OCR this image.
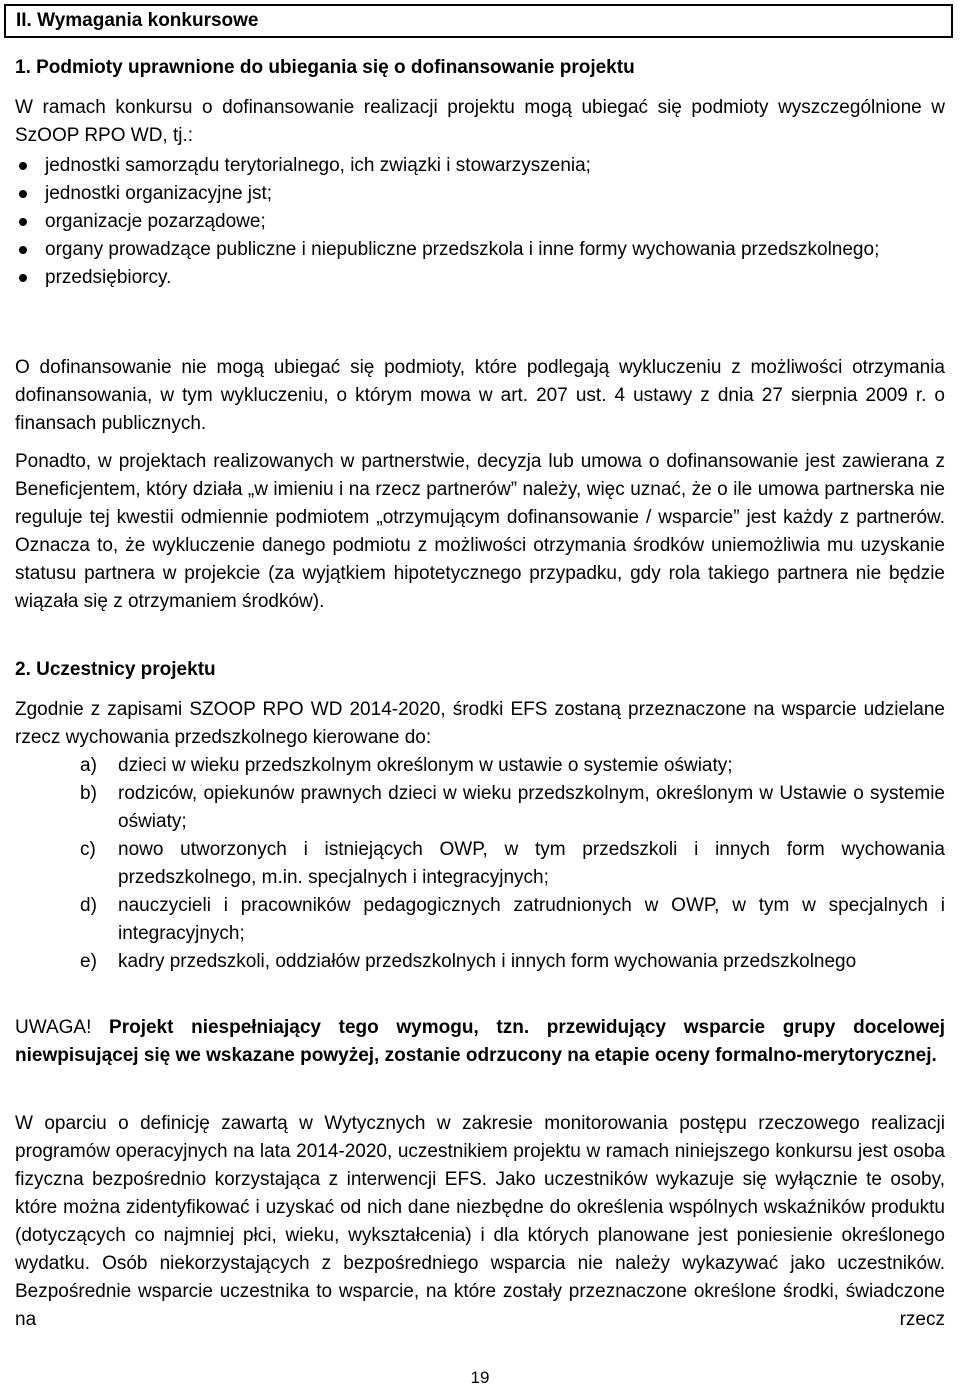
II. Wymagania konkursowe
1. Podmioty uprawnione do ubiegania się o dofinansowanie projektu
W ramach konkursu o dofinansowanie realizacji projektu mogą ubiegać się podmioty wyszczególnione w SzOOP RPO WD, tj.:
jednostki samorządu terytorialnego, ich związki i stowarzyszenia;
jednostki organizacyjne jst;
organizacje pozarządowe;
organy prowadzące publiczne i niepubliczne przedszkola i inne formy wychowania przedszkolnego;
przedsiębiorcy.
O dofinansowanie nie mogą ubiegać się podmioty, które podlegają wykluczeniu z możliwości otrzymania dofinansowania, w tym wykluczeniu, o którym mowa w art. 207 ust. 4 ustawy z dnia 27 sierpnia 2009 r. o finansach publicznych.
Ponadto, w projektach realizowanych w partnerstwie, decyzja lub umowa o dofinansowanie jest zawierana z Beneficjentem, który działa „w imieniu i na rzecz partnerów” należy, więc uznać, że o ile umowa partnerska nie reguluje tej kwestii odmiennie podmiotem „otrzymującym dofinansowanie / wsparcie” jest każdy z partnerów. Oznacza to, że wykluczenie danego podmiotu z możliwości otrzymania środków uniemożliwia mu uzyskanie statusu partnera w projekcie (za wyjątkiem hipotetycznego przypadku, gdy rola takiego partnera nie będzie wiązała się z otrzymaniem środków).
2. Uczestnicy projektu
Zgodnie z zapisami SZOOP RPO WD 2014-2020, środki EFS zostaną przeznaczone na wsparcie udzielane rzecz wychowania przedszkolnego kierowane do:
a) dzieci w wieku przedszkolnym określonym w ustawie o systemie oświaty;
b) rodziców, opiekunów prawnych dzieci w wieku przedszkolnym, określonym w Ustawie o systemie oświaty;
c) nowo utworzonych i istniejących OWP, w tym przedszkoli i innych form wychowania przedszkolnego, m.in. specjalnych i integracyjnych;
d) nauczycieli i pracowników pedagogicznych zatrudnionych w OWP, w tym w specjalnych i integracyjnych;
e) kadry przedszkoli, oddziałów przedszkolnych i innych form wychowania przedszkolnego
UWAGA! Projekt niespełniający tego wymogu, tzn. przewidujący wsparcie grupy docelowej niewpisującej się we wskazane powyżej, zostanie odrzucony na etapie oceny formalno-merytorycznej.
W oparciu o definicję zawartą w Wytycznych w zakresie monitorowania postępu rzeczowego realizacji programów operacyjnych na lata 2014-2020, uczestnikiem projektu w ramach niniejszego konkursu jest osoba fizyczna bezpośrednio korzystająca z interwencji EFS. Jako uczestników wykazuje się wyłącznie te osoby, które można zidentyfikować i uzyskać od nich dane niezbędne do określenia wspólnych wskaźników produktu (dotyczących co najmniej płci, wieku, wykształcenia) i dla których planowane jest poniesienie określonego wydatku. Osób niekorzystających z bezpośredniego wsparcia nie należy wykazywać jako uczestników. Bezpośrednie wsparcie uczestnika to wsparcie, na które zostały przeznaczone określone środki, świadczone na rzecz
19
